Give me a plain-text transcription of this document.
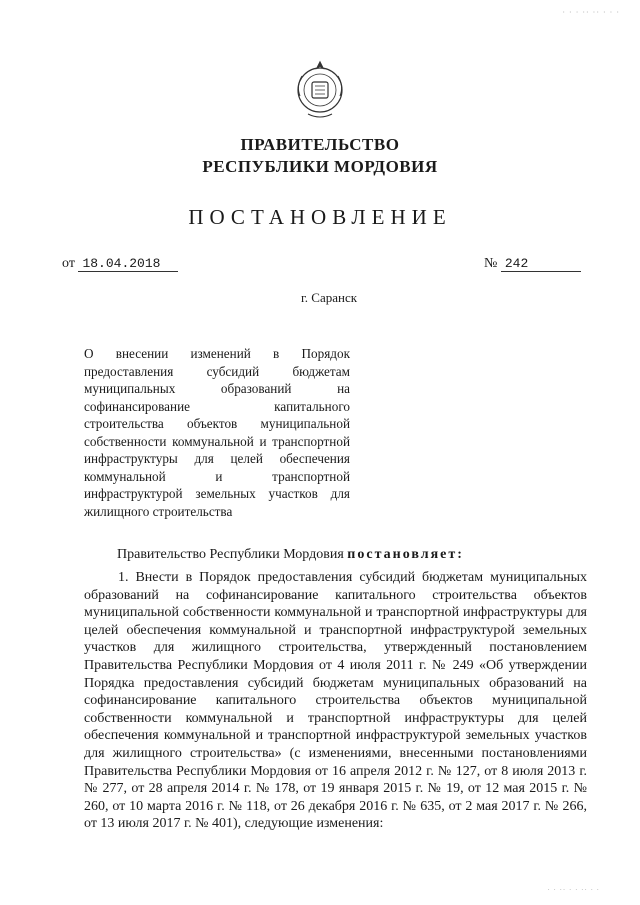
· · · ·· ·· · · ·
ПРАВИТЕЛЬСТВО
РЕСПУБЛИКИ МОРДОВИЯ
ПОСТАНОВЛЕНИЕ
от 18.04.2018	№ 242
г. Саранск

О внесении изменений в Порядок предоставления субсидий бюджетам муниципальных образований на софинансирование капитального строительства объектов муниципальной собственности коммунальной и транспортной инфраструктуры для целей обеспечения коммунальной и транспортной инфраструктурой земельных участков для жилищного строительства

Правительство Республики Мордовия постановляет:

1. Внести в Порядок предоставления субсидий бюджетам муниципальных образований на софинансирование капитального строительства объектов муниципальной собственности коммунальной и транспортной инфраструктуры для целей обеспечения коммунальной и транспортной инфраструктурой земельных участков для жилищного строительства, утвержденный постановлением Правительства Республики Мордовия от 4 июля 2011 г. № 249 «Об утверждении Порядка предоставления субсидий бюджетам муниципальных образований на софинансирование капитального строительства объектов муниципальной собственности коммунальной и транспортной инфраструктуры для целей обеспечения коммунальной и транспортной инфраструктурой земельных участков для жилищного строительства» (с изменениями, внесенными постановлениями Правительства Республики Мордовия от 16 апреля 2012 г. № 127, от 8 июля 2013 г. № 277, от 28 апреля 2014 г. № 178, от 19 января 2015 г. № 19, от 12 мая 2015 г. № 260, от 10 марта 2016 г. № 118, от 26 декабря 2016 г. № 635, от 2 мая 2017 г. № 266, от 13 июля 2017 г. № 401), следующие изменения:

· · ·· · · ·· · ·
